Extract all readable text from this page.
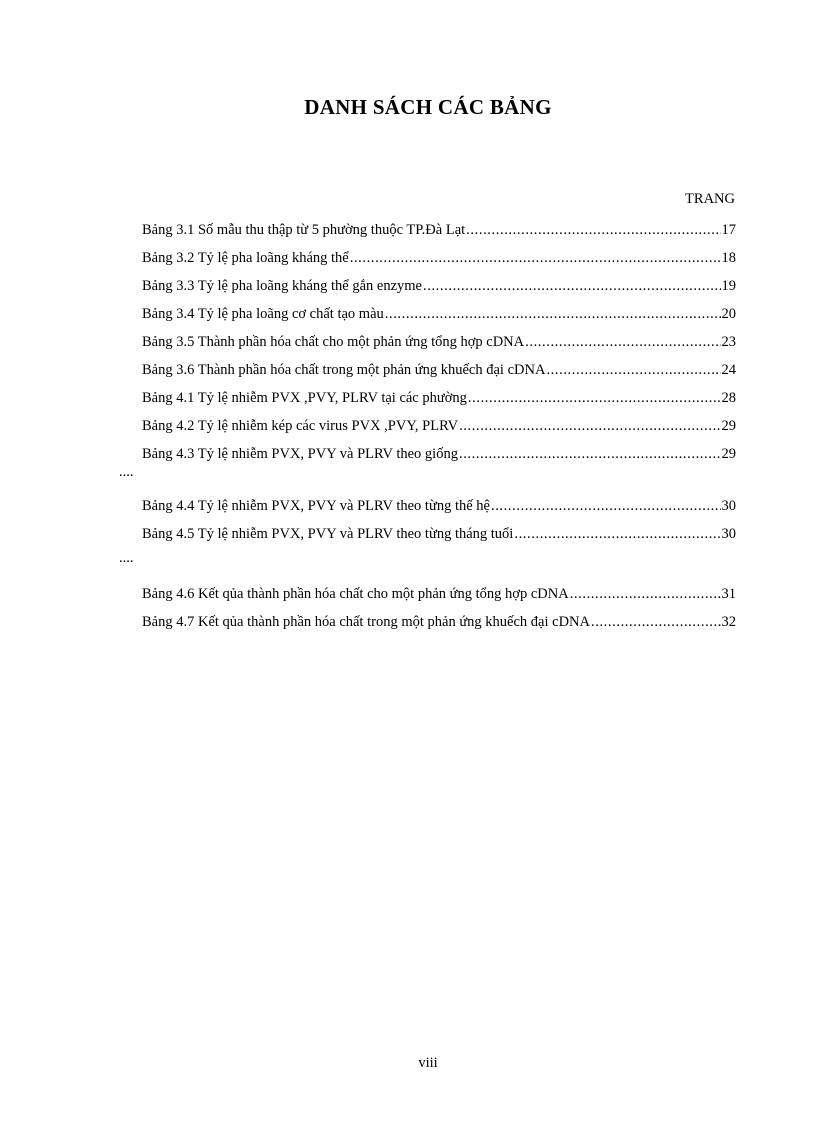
DANH SÁCH CÁC BẢNG
TRANG
Bảng 3.1 Số mẫu thu thập từ 5 phường thuộc TP.Đà Lạt .....	17
Bảng 3.2 Tỷ lệ pha loãng kháng thể .....	18
Bảng 3.3 Tỷ lệ pha loãng kháng thể gắn enzyme .....	19
Bảng 3.4 Tỷ lệ pha loãng cơ chất tạo màu .....	20
Bảng 3.5 Thành phần hóa chất cho một phản ứng tổng hợp cDNA .....	23
Bảng 3.6 Thành phần hóa chất trong một phản ứng khuếch đại cDNA .....	24
Bảng 4.1 Tỷ lệ nhiễm PVX ,PVY, PLRV tại các phường .....	28
Bảng 4.2 Tỷ lệ nhiễm kép các virus PVX ,PVY, PLRV .....	29
Bảng 4.3 Tỷ lệ nhiễm PVX, PVY và PLRV theo giống .....	29
....
Bảng 4.4 Tỷ lệ nhiễm PVX, PVY và PLRV theo từng thế hệ .....	30
Bảng 4.5 Tỷ lệ nhiễm PVX, PVY và PLRV theo từng tháng tuổi .....	30
....
Bảng 4.6 Kết qủa thành phần hóa chất cho một phản ứng tổng hợp cDNA .....	31
Bảng 4.7 Kết qủa thành phần hóa chất trong một phản ứng khuếch đại cDNA .....	32
viii
